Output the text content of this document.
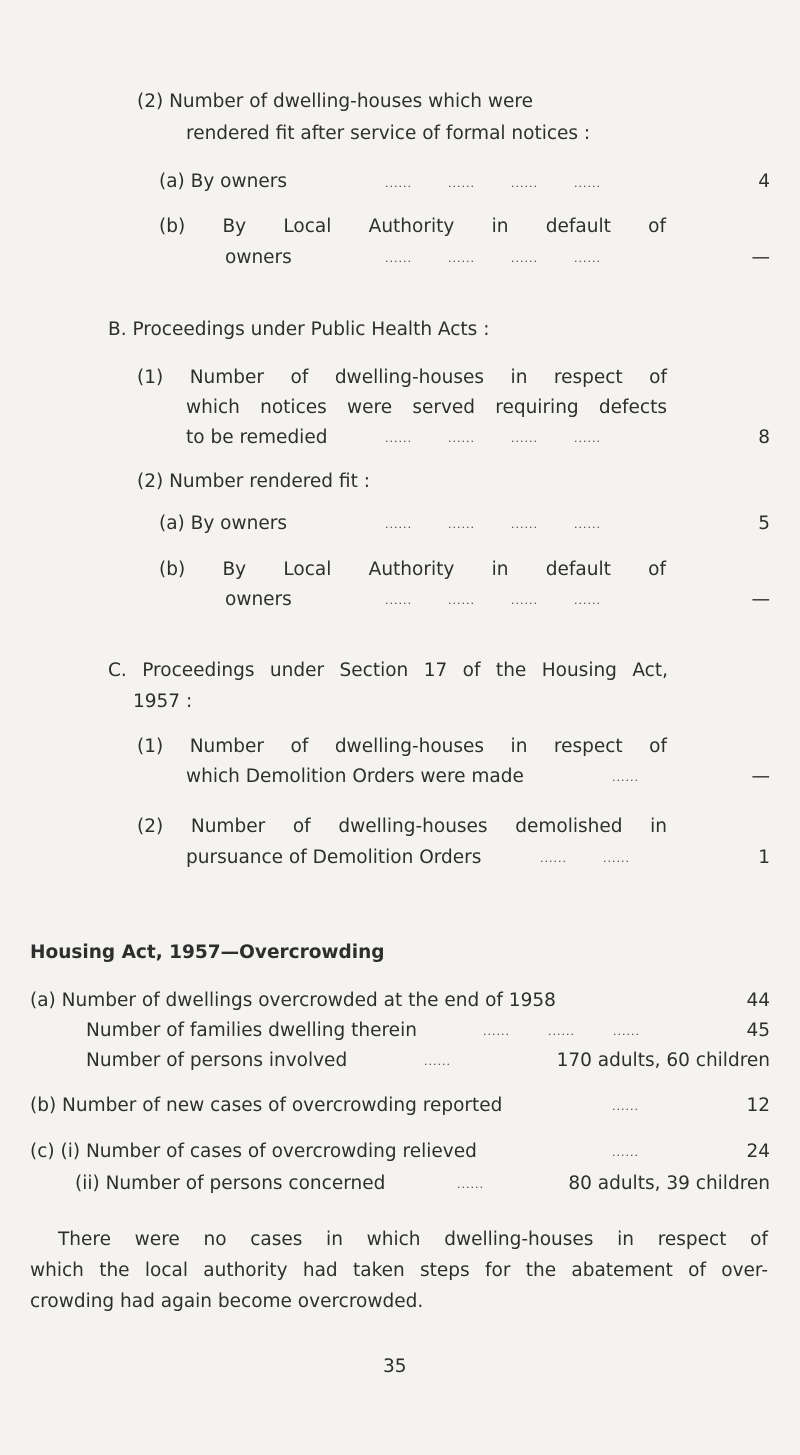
(2) Number of dwelling-houses which were
rendered fit after service of formal notices :
(a) By owners	......	......	......	......	4
(b) By Local Authority in default of
owners	......	......	......	......	—
B. Proceedings under Public Health Acts :
(1) Number of dwelling-houses in respect of
which notices were served requiring defects
to be remedied	......	......	......	......	8
(2) Number rendered fit :
(a) By owners	......	......	......	......	5
(b) By Local Authority in default of
owners	......	......	......	......	—
C. Proceedings under Section 17 of the Housing Act,
1957 :
(1) Number of dwelling-houses in respect of
which Demolition Orders were made	......	—
(2) Number of dwelling-houses demolished in
pursuance of Demolition Orders	......	......	1
Housing Act, 1957—Overcrowding
(a) Number of dwellings overcrowded at the end of 1958	44
Number of families dwelling therein	......	......	......	45
Number of persons involved	......	170 adults, 60 children
(b) Number of new cases of overcrowding reported	......	12
(c) (i) Number of cases of overcrowding relieved	......	24
(ii) Number of persons concerned	......	80 adults, 39 children
There were no cases in which dwelling-houses in respect of
which the local authority had taken steps for the abatement of over-
crowding had again become overcrowded.
35
